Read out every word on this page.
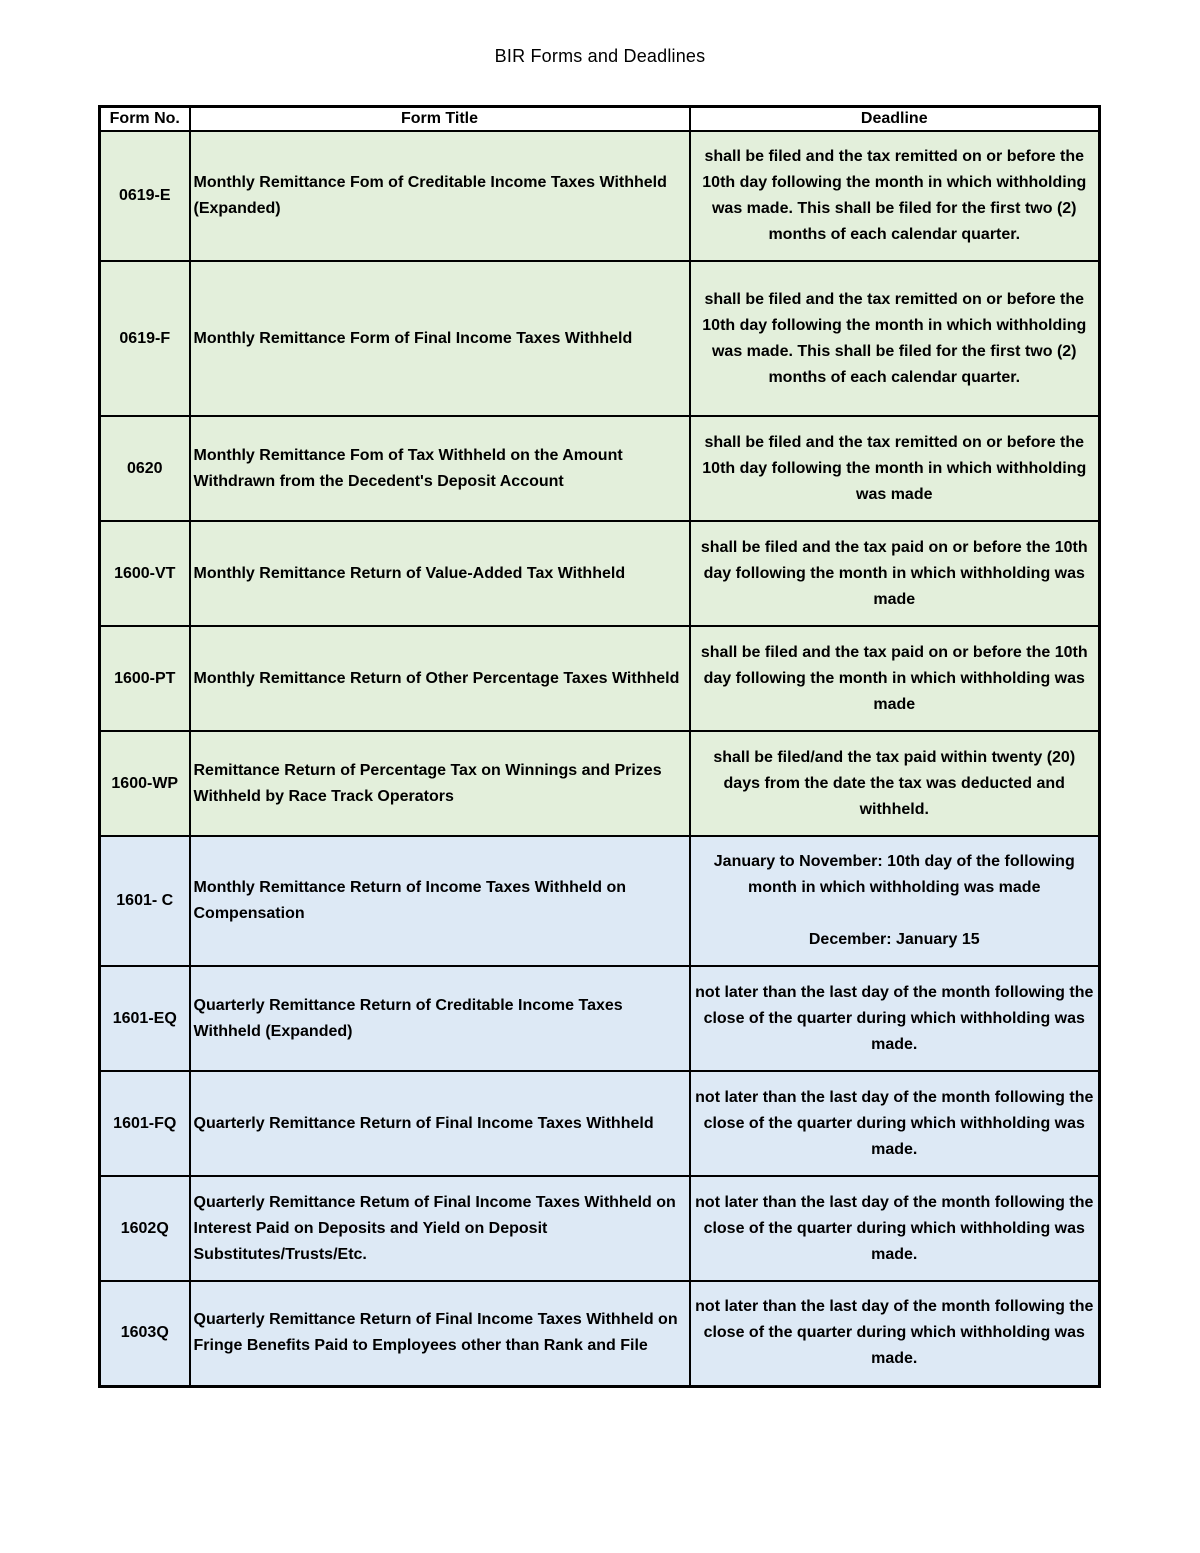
BIR Forms and Deadlines
Form No.	Form Title	Deadline
0619-E	Monthly Remittance Fom of Creditable Income Taxes Withheld (Expanded)	shall be filed and the tax remitted on or before the 10th day following the month in which withholding was made. This shall be filed for the first two (2) months of each calendar quarter.

0619-F	Monthly Remittance Form of Final Income Taxes Withheld	shall be filed and the tax remitted on or before the 10th day following the month in which withholding was made. This shall be filed for the first two (2) months of each calendar quarter.

0620	Monthly Remittance Fom of Tax Withheld on the Amount Withdrawn from the Decedent's Deposit Account	shall be filed and the tax remitted on or before the 10th day following the month in which withholding was made

1600-VT	Monthly Remittance Return of Value-Added Tax Withheld	shall be filed and the tax paid on or before the 10th day following the month in which withholding was made

1600-PT	Monthly Remittance Return of Other Percentage Taxes Withheld	shall be filed and the tax paid on or before the 10th day following the month in which withholding was made

1600-WP	Remittance Return of Percentage Tax on Winnings and Prizes Withheld by Race Track Operators	shall be filed/and the tax paid within twenty (20) days from the date the tax was deducted and withheld.

1601- C	Monthly Remittance Return of Income Taxes Withheld on Compensation	January to November: 10th day of the following month in which withholding was made
December: January 15

1601-EQ	Quarterly Remittance Return of Creditable Income Taxes Withheld (Expanded)	not later than the last day of the month following the close of the quarter during which withholding was made.

1601-FQ	Quarterly Remittance Return of Final Income Taxes Withheld	not later than the last day of the month following the close of the quarter during which withholding was made.

1602Q	Quarterly Remittance Retum of Final Income Taxes Withheld on Interest Paid on Deposits and Yield on Deposit Substitutes/Trusts/Etc.	not later than the last day of the month following the close of the quarter during which withholding was made.

1603Q	Quarterly Remittance Return of Final Income Taxes Withheld on Fringe Benefits Paid to Employees other than Rank and File	not later than the last day of the month following the close of the quarter during which withholding was made.
